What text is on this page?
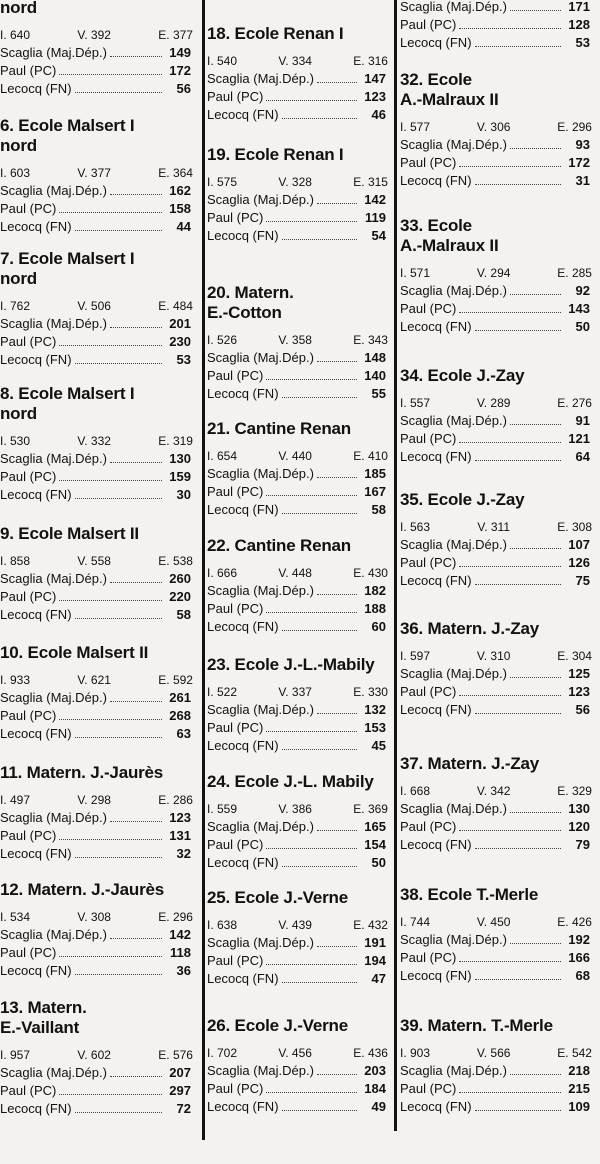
nord
I. 640	V. 392	E. 377
Scaglia (Maj.Dép.)	149
Paul (PC)	172
Lecocq (FN)	56
6. Ecole Malsert I
nord
I. 603	V. 377	E. 364
Scaglia (Maj.Dép.)	162
Paul (PC)	158
Lecocq (FN)	44
7. Ecole Malsert I
nord
I. 762	V. 506	E. 484
Scaglia (Maj.Dép.)	201
Paul (PC)	230
Lecocq (FN)	53
8. Ecole Malsert I
nord
I. 530	V. 332	E. 319
Scaglia (Maj.Dép.)	130
Paul (PC)	159
Lecocq (FN)	30
9. Ecole Malsert II
I. 858	V. 558	E. 538
Scaglia (Maj.Dép.)	260
Paul (PC)	220
Lecocq (FN)	58
10. Ecole Malsert II
I. 933	V. 621	E. 592
Scaglia (Maj.Dép.)	261
Paul (PC)	268
Lecocq (FN)	63
11. Matern. J.-Jaurès
I. 497	V. 298	E. 286
Scaglia (Maj.Dép.)	123
Paul (PC)	131
Lecocq (FN)	32
12. Matern. J.-Jaurès
I. 534	V. 308	E. 296
Scaglia (Maj.Dép.)	142
Paul (PC)	118
Lecocq (FN)	36
13. Matern.
E.-Vaillant
I. 957	V. 602	E. 576
Scaglia (Maj.Dép.)	207
Paul (PC)	297
Lecocq (FN)	72
18. Ecole Renan I
I. 540	V. 334	E. 316
Scaglia (Maj.Dép.)	147
Paul (PC)	123
Lecocq (FN)	46
19. Ecole Renan I
I. 575	V. 328	E. 315
Scaglia (Maj.Dép.)	142
Paul (PC)	119
Lecocq (FN)	54
20. Matern.
E.-Cotton
I. 526	V. 358	E. 343
Scaglia (Maj.Dép.)	148
Paul (PC)	140
Lecocq (FN)	55
21. Cantine Renan
I. 654	V. 440	E. 410
Scaglia (Maj.Dép.)	185
Paul (PC)	167
Lecocq (FN)	58
22. Cantine Renan
I. 666	V. 448	E. 430
Scaglia (Maj.Dép.)	182
Paul (PC)	188
Lecocq (FN)	60
23. Ecole J.-L.-Mabily
I. 522	V. 337	E. 330
Scaglia (Maj.Dép.)	132
Paul (PC)	153
Lecocq (FN)	45
24. Ecole J.-L. Mabily
I. 559	V. 386	E. 369
Scaglia (Maj.Dép.)	165
Paul (PC)	154
Lecocq (FN)	50
25. Ecole J.-Verne
I. 638	V. 439	E. 432
Scaglia (Maj.Dép.)	191
Paul (PC)	194
Lecocq (FN)	47
26. Ecole J.-Verne
I. 702	V. 456	E. 436
Scaglia (Maj.Dép.)	203
Paul (PC)	184
Lecocq (FN)	49
Scaglia (Maj.Dép.)	171
Paul (PC)	128
Lecocq (FN)	53
32. Ecole
A.-Malraux II
I. 577	V. 306	E. 296
Scaglia (Maj.Dép.)	93
Paul (PC)	172
Lecocq (FN)	31
33. Ecole
A.-Malraux II
I. 571	V. 294	E. 285
Scaglia (Maj.Dép.)	92
Paul (PC)	143
Lecocq (FN)	50
34. Ecole J.-Zay
I. 557	V. 289	E. 276
Scaglia (Maj.Dép.)	91
Paul (PC)	121
Lecocq (FN)	64
35. Ecole J.-Zay
I. 563	V. 311	E. 308
Scaglia (Maj.Dép.)	107
Paul (PC)	126
Lecocq (FN)	75
36. Matern. J.-Zay
I. 597	V. 310	E. 304
Scaglia (Maj.Dép.)	125
Paul (PC)	123
Lecocq (FN)	56
37. Matern. J.-Zay
I. 668	V. 342	E. 329
Scaglia (Maj.Dép.)	130
Paul (PC)	120
Lecocq (FN)	79
38. Ecole T.-Merle
I. 744	V. 450	E. 426
Scaglia (Maj.Dép.)	192
Paul (PC)	166
Lecocq (FN)	68
39. Matern. T.-Merle
I. 903	V. 566	E. 542
Scaglia (Maj.Dép.)	218
Paul (PC)	215
Lecocq (FN)	109
